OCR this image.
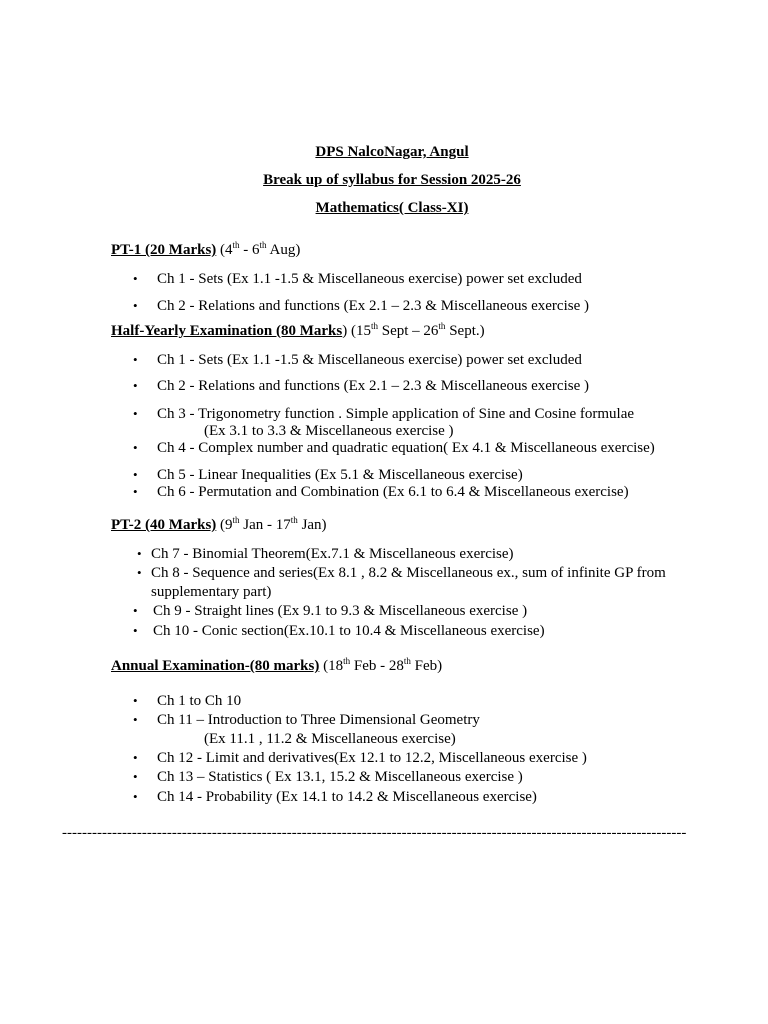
DPS NalcoNagar, Angul
Break up of syllabus for Session 2025-26
Mathematics( Class-XI)
PT-1 (20 Marks) (4th - 6th Aug)
• Ch 1 - Sets (Ex 1.1 -1.5 & Miscellaneous exercise) power set excluded
• Ch 2 - Relations and functions (Ex 2.1 – 2.3 & Miscellaneous exercise )
Half-Yearly Examination (80 Marks) (15th Sept – 26th Sept.)
• Ch 1 - Sets (Ex 1.1 -1.5 & Miscellaneous exercise) power set excluded
• Ch 2 - Relations and functions (Ex 2.1 – 2.3 & Miscellaneous exercise )
• Ch 3 - Trigonometry function . Simple application of Sine and Cosine formulae
(Ex 3.1 to 3.3 & Miscellaneous exercise )
• Ch 4 - Complex number and quadratic equation( Ex 4.1 & Miscellaneous exercise)
• Ch 5 - Linear Inequalities (Ex 5.1 & Miscellaneous exercise)
• Ch 6 - Permutation and Combination (Ex 6.1 to 6.4 & Miscellaneous exercise)
PT-2 (40 Marks) (9th Jan - 17th Jan)
• Ch 7 - Binomial Theorem(Ex.7.1 & Miscellaneous exercise)
• Ch 8 - Sequence and series(Ex 8.1 , 8.2 & Miscellaneous ex., sum of infinite GP from
supplementary part)
• Ch 9 - Straight lines (Ex 9.1 to 9.3 & Miscellaneous exercise )
• Ch 10 - Conic section(Ex.10.1 to 10.4 & Miscellaneous exercise)
Annual Examination-(80 marks) (18th Feb - 28th Feb)
• Ch 1 to Ch 10
• Ch 11 – Introduction to Three Dimensional Geometry
(Ex 11.1 , 11.2 & Miscellaneous exercise)
• Ch 12 - Limit and derivatives(Ex 12.1 to 12.2, Miscellaneous exercise )
• Ch 13 – Statistics ( Ex 13.1, 15.2 & Miscellaneous exercise )
• Ch 14 - Probability (Ex 14.1 to 14.2 & Miscellaneous exercise)
-----------------------------------------------------------------------------------------------------------------------------
